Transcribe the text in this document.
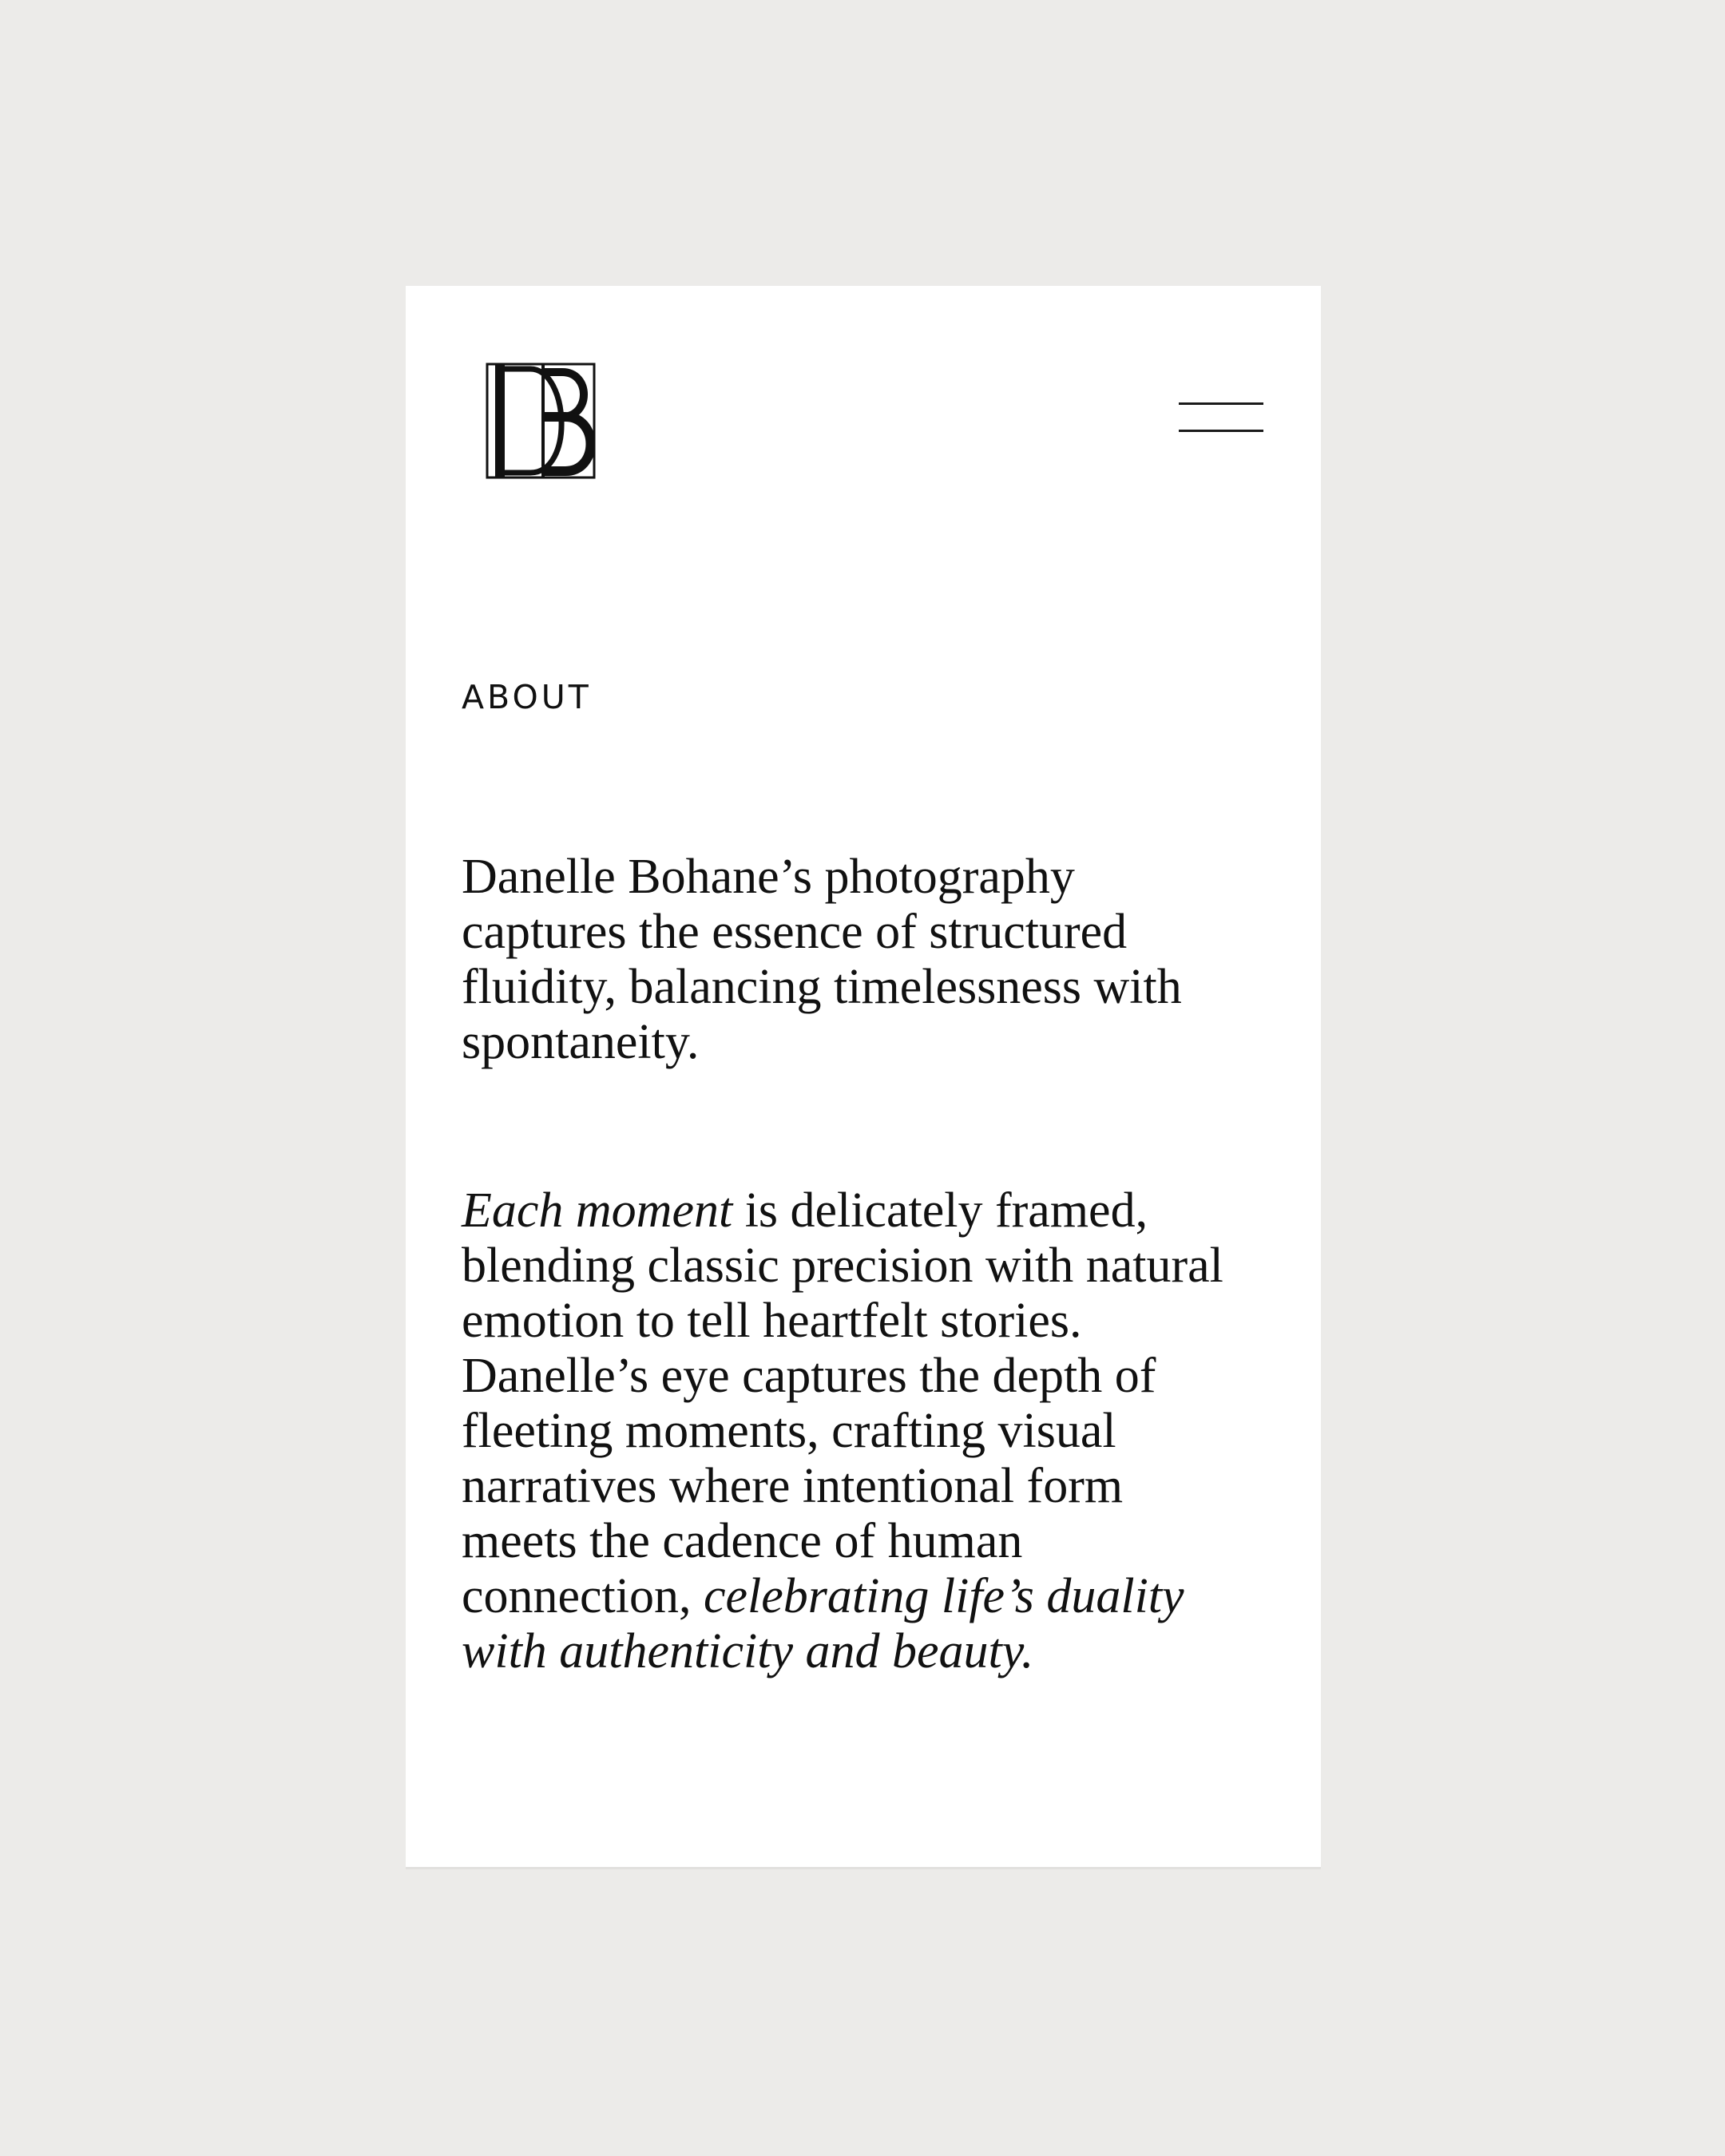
ABOUT

Danelle Bohane’s photography
captures the essence of structured
fluidity, balancing timelessness with
spontaneity.

Each moment is delicately framed,
blending classic precision with natural
emotion to tell heartfelt stories.
Danelle’s eye captures the depth of
fleeting moments, crafting visual
narratives where intentional form
meets the cadence of human
connection, celebrating life’s duality
with authenticity and beauty.
